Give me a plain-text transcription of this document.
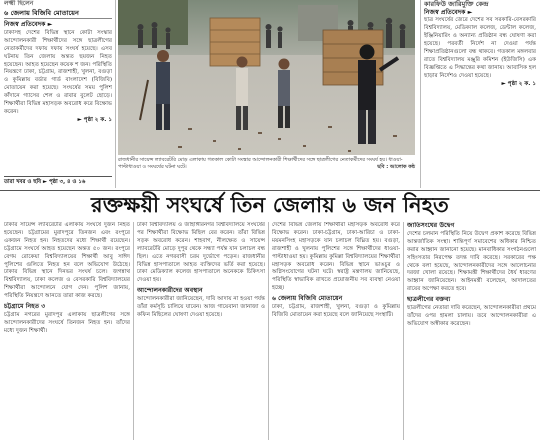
লক্ষ্মী ছিলেন
৬ জেলায় বিজিবি মোতায়েন
নিজস্ব প্রতিবেদক ►
ঢাকাসহ দেশের বিভিন্ন স্থানে কোটা সংস্কার আন্দোলনকারী শিক্ষার্থীদের সঙ্গে ছাত্রলীগের নেতাকর্মীদের দফায় দফায় সংঘর্ষ হয়েছে। এসব ঘটনায় তিন জেলায় অন্তত ছয়জন নিহত হয়েছেন। আহত হয়েছেন কয়েক শ জন। পরিস্থিতি নিয়ন্ত্রণে ঢাকা, চট্টগ্রাম, রাজশাহী, খুলনা, বগুড়া ও কুমিল্লায় বর্ডার গার্ড বাংলাদেশ (বিজিবি) মোতায়েন করা হয়েছে। সংঘর্ষের সময় পুলিশ কাঁদানে গ্যাসের শেল ও রাবার বুলেট ছোড়ে। শিক্ষার্থীরা বিভিন্ন মহাসড়ক অবরোধ করে বিক্ষোভ করেন।
► পৃষ্ঠা ২ ক. ১
তারা খবর ও ছবি ► পৃষ্ঠা ৩, ৪ ও ১৬
রাজধানীর সায়েন্স ল্যাবরেটরি মোড় এলাকায় গতকাল কোটা সংস্কার আন্দোলনকারী শিক্ষার্থীদের সঙ্গে ছাত্রলীগের নেতাকর্মীদের সংঘর্ষ হয়। ধাওয়া-পাল্টাধাওয়া ও সংঘর্ষের ঘটনা ঘটে।	ছবি : আলোক কন্ঠ
কারফিউ জারিমুক্তি কেন্দ্র
নিজস্ব প্রতিবেদক ►
ছাত্র সংঘর্ষের জেরে দেশের সব সরকারি-বেসরকারি বিশ্ববিদ্যালয়, মেডিক্যাল কলেজ, ডেন্টাল কলেজ, ইঞ্জিনিয়ারিং ও অন্যান্য প্রতিষ্ঠান বন্ধ ঘোষণা করা হয়েছে। পরবর্তী নির্দেশ না দেওয়া পর্যন্ত শিক্ষাপ্রতিষ্ঠানগুলো বন্ধ থাকবে। গতকাল মঙ্গলবার রাতে বিশ্ববিদ্যালয় মঞ্জুরি কমিশন (ইউজিসি) এক বিজ্ঞপ্তিতে এ সিদ্ধান্তের কথা জানায়। আবাসিক হল ছাড়ার নির্দেশও দেওয়া হয়েছে।
► পৃষ্ঠা ২ ক. ১
রক্তক্ষয়ী সংঘর্ষে তিন জেলায় ৬ জন নিহত
ঢাকার সায়েন্স ল্যাবরেটরি এলাকায় সংঘর্ষে দুজন নিহত হয়েছেন। চট্টগ্রামের মুরাদপুরে তিনজন এবং রংপুরে একজন নিহত হন। নিহতদের মধ্যে শিক্ষার্থী রয়েছেন। চট্টগ্রামে সংঘর্ষে আহত হয়েছেন অন্তত ৫০ জন। রংপুরে বেগম রোকেয়া বিশ্ববিদ্যালয়ের শিক্ষার্থী আবু সাঈদ পুলিশের গুলিতে নিহত হন বলে অভিযোগ উঠেছে। ঢাকার বিভিন্ন স্থানে দিনভর সংঘর্ষ চলে। জগন্নাথ বিশ্ববিদ্যালয়, ঢাকা কলেজ ও বেসরকারি বিশ্ববিদ্যালয়ের শিক্ষার্থীরা আন্দোলনে যোগ দেন। পুলিশ জানায়, পরিস্থিতি নিয়ন্ত্রণে আনতে তারা কাজ করছে।
চট্টগ্রামে নিহত ৩
চট্টগ্রাম নগরের মুরাদপুর এলাকায় ছাত্রলীগের সঙ্গে আন্দোলনকারীদের সংঘর্ষে তিনজন নিহত হন। তাঁদের মধ্যে দুজন শিক্ষার্থী।
ঢাকা বিশ্ববিদ্যালয় ও জাহাঙ্গীরনগর বিশ্ববিদ্যালয়ে সংঘর্ষের পর শিক্ষার্থীরা বিক্ষোভ মিছিল বের করেন। তাঁরা বিভিন্ন সড়ক অবরোধ করেন। শাহবাগ, নীলক্ষেত ও সায়েন্স ল্যাবরেটরি মোড়ে দুপুর থেকে সন্ধ্যা পর্যন্ত যান চলাচল বন্ধ ছিল। এতে নগরবাসী চরম দুর্ভোগে পড়েন। রাজধানীর বিভিন্ন হাসপাতালে আহত ব্যক্তিদের ভর্তি করা হয়েছে। ঢাকা মেডিক্যাল কলেজ হাসপাতালে অনেককে চিকিৎসা দেওয়া হয়।
আন্দোলনকারীদের অবস্থান
আন্দোলনকারীরা জানিয়েছেন, দাবি আদায় না হওয়া পর্যন্ত তাঁরা কর্মসূচি চালিয়ে যাবেন। আজ গায়েবানা জানাজা ও কফিন মিছিলের ঘোষণা দেওয়া হয়েছে।
দেশের বিভিন্ন জেলায় শিক্ষার্থীরা মহাসড়ক অবরোধ করে বিক্ষোভ করেন। ঢাকা-চট্টগ্রাম, ঢাকা-আরিচা ও ঢাকা-ময়মনসিংহ মহাসড়কে যান চলাচল বিঘ্নিত হয়। বগুড়া, রাজশাহী ও খুলনায় পুলিশের সঙ্গে শিক্ষার্থীদের ধাওয়া-পাল্টাধাওয়া হয়। কুমিল্লায় কুমিল্লা বিশ্ববিদ্যালয়ের শিক্ষার্থীরা মহাসড়ক অবরোধ করেন। বিভিন্ন স্থানে ভাঙচুর ও অগ্নিসংযোগের ঘটনা ঘটে। স্বরাষ্ট্র মন্ত্রণালয় জানিয়েছে, পরিস্থিতি স্বাভাবিক রাখতে প্রয়োজনীয় সব ব্যবস্থা নেওয়া হচ্ছে।
৬ জেলায় বিজিবি মোতায়েন
ঢাকা, চট্টগ্রাম, রাজশাহী, খুলনা, বগুড়া ও কুমিল্লায় বিজিবি মোতায়েন করা হয়েছে বলে জানিয়েছে সংস্থাটি।
জাতিসংঘের উদ্বেগ
দেশের চলমান পরিস্থিতি নিয়ে উদ্বেগ প্রকাশ করেছে বিভিন্ন আন্তর্জাতিক সংস্থা। শান্তিপূর্ণ সমাবেশের অধিকার নিশ্চিত করার আহ্বান জানানো হয়েছে। মানবাধিকার সংগঠনগুলো সহিংসতার নিরপেক্ষ তদন্ত দাবি করেছে। সরকারের পক্ষ থেকে বলা হয়েছে, আন্দোলনকারীদের সঙ্গে আলোচনার দরজা খোলা রয়েছে। শিক্ষামন্ত্রী শিক্ষার্থীদের ধৈর্য ধারণের আহ্বান জানিয়েছেন। আইনমন্ত্রী বলেছেন, আদালতের রায়ের অপেক্ষা করতে হবে।
ছাত্রলীগের বক্তব্য
ছাত্রলীগের নেতারা দাবি করেছেন, আন্দোলনকারীরা প্রথমে তাঁদের ওপর হামলা চালায়। তবে আন্দোলনকারীরা এ অভিযোগ অস্বীকার করেছেন।
